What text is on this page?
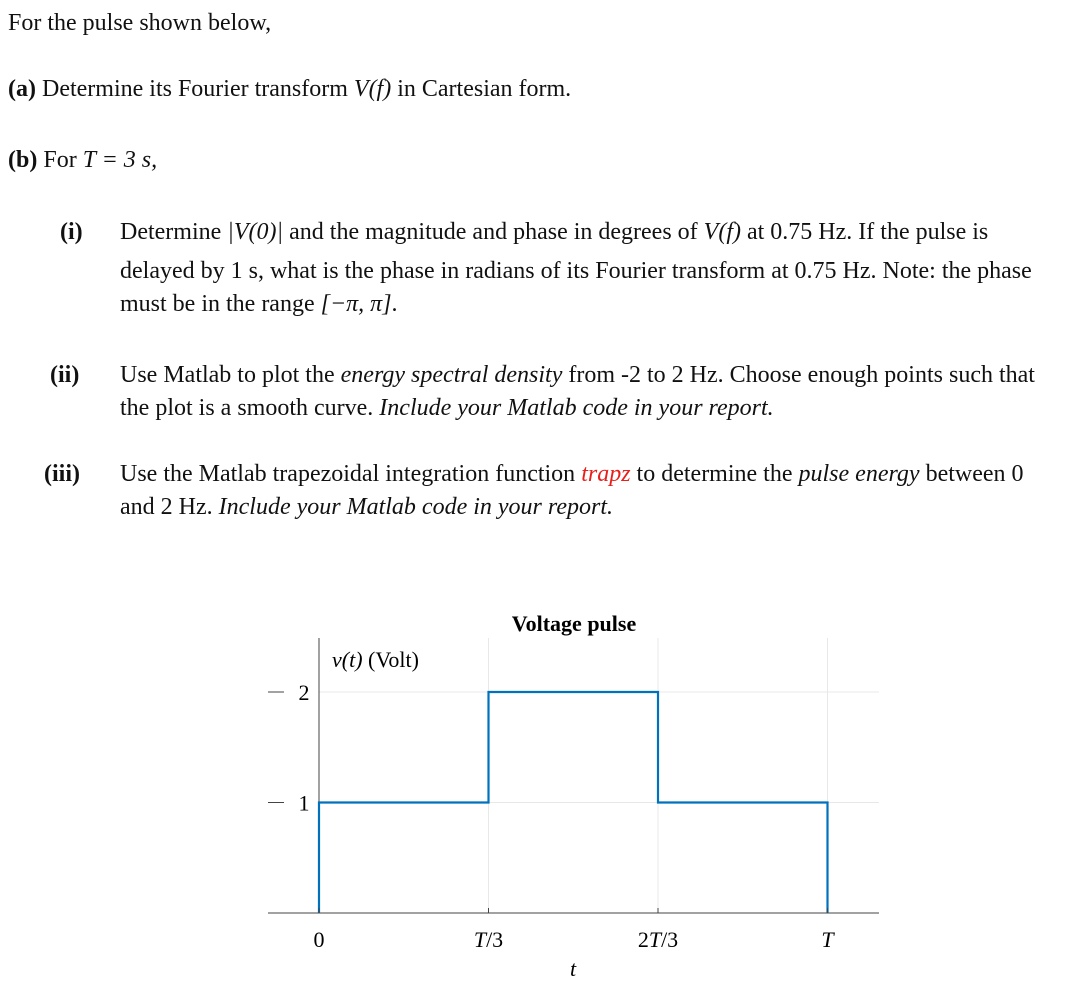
For the pulse shown below,
(a) Determine its Fourier transform V(f) in Cartesian form.
(b) For T = 3 s,
(i) Determine |V(0)| and the magnitude and phase in degrees of V(f) at 0.75 Hz. If the pulse is
delayed by 1 s, what is the phase in radians of its Fourier transform at 0.75 Hz. Note: the phase
must be in the range [−π, π].
(ii) Use Matlab to plot the energy spectral density from -2 to 2 Hz. Choose enough points such that
the plot is a smooth curve. Include your Matlab code in your report.
(iii) Use the Matlab trapezoidal integration function trapz to determine the pulse energy between 0
and 2 Hz. Include your Matlab code in your report.
Voltage pulse
v(t) (Volt)
0	T/3	2T/3	T
1
2
t
